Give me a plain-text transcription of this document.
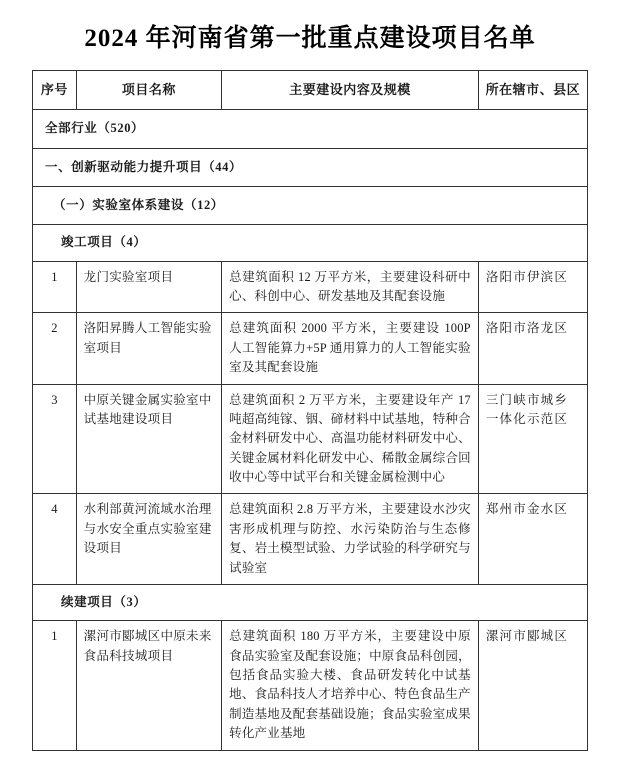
2024 年河南省第一批重点建设项目名单
序号	项目名称	主要建设内容及规模	所在辖市、县区
全部行业（520）			
一、创新驱动能力提升项目（44）			
（一）实验室体系建设（12）			
竣工项目（4）			
1	龙门实验室项目	总建筑面积 12 万平方米，主要建设科研中心、科创中心、研发基地及其配套设施	洛阳市伊滨区
2	洛阳昇腾人工智能实验室项目	总建筑面积 2000 平方米，主要建设 100P 人工智能算力+5P 通用算力的人工智能实验室及其配套设施	洛阳市洛龙区
3	中原关键金属实验室中试基地建设项目	总建筑面积 2 万平方米，主要建设年产 17 吨超高纯镓、铟、碲材料中试基地，特种合金材料研发中心、高温功能材料研发中心、关键金属材料化研发中心、稀散金属综合回收中心等中试平台和关键金属检测中心	三门峡市城乡一体化示范区
4	水利部黄河流域水治理与水安全重点实验室建设项目	总建筑面积 2.8 万平方米，主要建设水沙灾害形成机理与防控、水污染防治与生态修复、岩土模型试验、力学试验的科学研究与试验室	郑州市金水区
续建项目（3）			
1	漯河市郾城区中原未来食品科技城项目	总建筑面积 180 万平方米，主要建设中原食品实验室及配套设施；中原食品科创园，包括食品实验大楼、食品研发转化中试基地、食品科技人才培养中心、特色食品生产制造基地及配套基础设施；食品实验室成果转化产业基地	漯河市郾城区
